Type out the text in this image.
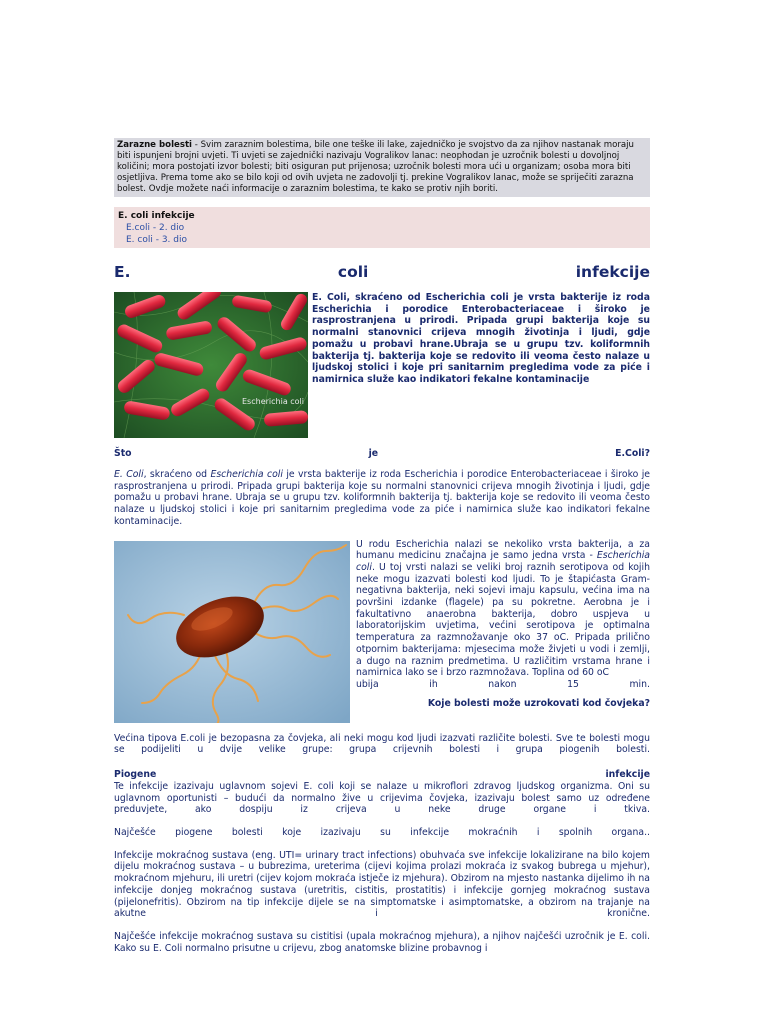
Zarazne bolesti - Svim zaraznim bolestima, bile one teške ili lake, zajedničko je svojstvo da za njihov nastanak moraju biti ispunjeni brojni uvjeti. Ti uvjeti se zajednički nazivaju Vogralikov lanac: neophodan je uzročnik bolesti u dovoljnoj količini; mora postojati izvor bolesti; biti osiguran put prijenosa; uzročnik bolesti mora ući u organizam; osoba mora biti osjetljiva. Prema tome ako se bilo koji od ovih uvjeta ne zadovolji tj. prekine Vogralikov lanac, može se spriječiti zarazna bolest. Ovdje možete naći informacije o zaraznim bolestima, te kako se protiv njih boriti.
E. coli infekcije
E.coli - 2. dio
E. coli - 3. dio
E.	coli	infekcije
Escherichia coli
E. Coli, skraćeno od Escherichia coli je vrsta bakterije iz roda Escherichia i porodice Enterobacteriaceae i široko je rasprostranjena u prirodi. Pripada grupi bakterija koje su normalni stanovnici crijeva mnogih životinja i ljudi, gdje pomažu u probavi hrane.Ubraja se u grupu tzv. koliformnih bakterija tj. bakterija koje se redovito ili veoma često nalaze u ljudskoj stolici i koje pri sanitarnim pregledima vode za piće i namirnica služe kao indikatori fekalne kontaminacije
Što	je	E.Coli?
E. Coli, skraćeno od Escherichia coli je vrsta bakterije iz roda Escherichia i porodice Enterobacteriaceae i široko je rasprostranjena u prirodi. Pripada grupi bakterija koje su normalni stanovnici crijeva mnogih životinja i ljudi, gdje pomažu u probavi hrane. Ubraja se u grupu tzv. koliformnih bakterija tj. bakterija koje se redovito ili veoma često nalaze u ljudskoj stolici i koje pri sanitarnim pregledima vode za piće i namirnica služe kao indikatori fekalne kontaminacije.
U rodu Escherichia nalazi se nekoliko vrsta bakterija, a za humanu medicinu značajna je samo jedna vrsta - Escherichia coli. U toj vrsti nalazi se veliki broj raznih serotipova od kojih neke mogu izazvati bolesti kod ljudi. To je štapićasta Gram-negativna bakterija, neki sojevi imaju kapsulu, većina ima na površini izdanke (flagele) pa su pokretne. Aerobna je i fakultativno anaerobna bakterija, dobro uspjeva u laboratorijskim uvjetima, većini serotipova je optimalna temperatura za razmnožavanje oko 37 oC. Pripada prilično otpornim bakterijama: mjesecima može živjeti u vodi i zemlji, a dugo na raznim predmetima. U različitim vrstama hrane i namirnica lako se i brzo razmnožava. Toplina od 60 oC
ubija	ih	nakon	15	min.
Koje bolesti može uzrokovati kod čovjeka?
Većina tipova E.coli je bezopasna za čovjeka, ali neki mogu kod ljudi izazvati različite bolesti. Sve te bolesti mogu se podijeliti u dvije velike grupe: grupa crijevnih bolesti i grupa piogenih bolesti.
Piogene	infekcije
Te infekcije izazivaju uglavnom sojevi E. coli koji se nalaze u mikroflori zdravog ljudskog organizma. Oni su uglavnom oportunisti – budući da normalno žive u crijevima čovjeka, izazivaju bolest samo uz određene preduvjete, ako dospiju iz crijeva u neke druge organe i tkiva.
Najčešće piogene bolesti koje izazivaju su infekcije mokraćnih i spolnih organa..
Infekcije mokraćnog sustava (eng. UTI= urinary tract infections) obuhvaća sve infekcije lokalizirane na bilo kojem dijelu mokraćnog sustava – u bubrezima, ureterima (cijevi kojima prolazi mokraća iz svakog bubrega u mjehur), mokraćnom mjehuru, ili uretri (cijev kojom mokraća istječe iz mjehura). Obzirom na mjesto nastanka dijelimo ih na infekcije donjeg mokraćnog sustava (uretritis, cistitis, prostatitis) i infekcije gornjeg mokraćnog sustava (pijelonefritis). Obzirom na tip infekcije dijele se na simptomatske i asimptomatske, a obzirom na trajanje na akutne i kronične.
Najčešće infekcije mokraćnog sustava su cistitisi (upala mokraćnog mjehura), a njihov najčešći uzročnik je E. coli. Kako su E. Coli normalno prisutne u crijevu, zbog anatomske blizine probavnog i
